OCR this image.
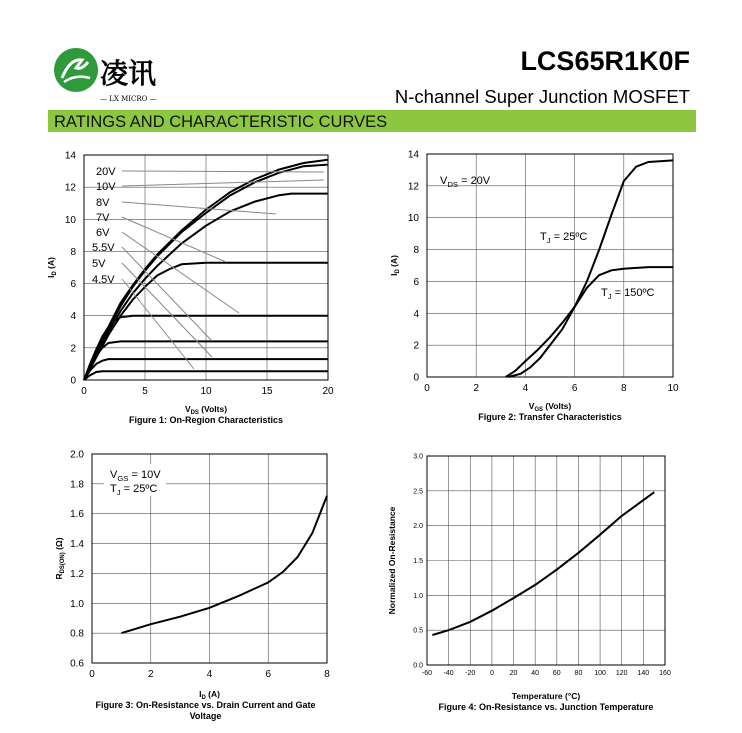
凌讯
— LX MICRO —
LCS65R1K0F
N-channel Super Junction MOSFET
RATINGS AND CHARACTERISTIC CURVES
0	5	10	15	20
0
2
4
6
8
10
12
14
$V_{DS}$ (Volts)
$I_D$ (A)
Figure 1: On-Region Characteristics
0	2	4	6	8	10
0
2
4
6
8
10
12
14
$V_{GS}$ (Volts)
$I_D$ (A)
Figure 2: Transfer Characteristics
0	2	4	6	8
0.6
0.8
1.0
1.2
1.4
1.6
1.8
2.0
$I_D$ (A)
$R_{DS(ON)}$ (Ω)
Figure 3: On-Resistance vs. Drain Current and Gate
Voltage
-60 -40 -20 0 20 40 60 80 100 120 140 160
0.0
0.5
1.0
1.5
2.0
2.5
3.0
Temperature (°C)
Normalized On-Resistance
Figure 4: On-Resistance vs. Junction Temperature
20V
10V
8V
7V
6V
5.5V
5V
4.5V
$V_{DS} = 20V$
$T_J$ = 25ºC
$T_J$ = 150ºC
$V_{GS} = 10V$
$T_J$ = 25ºC
